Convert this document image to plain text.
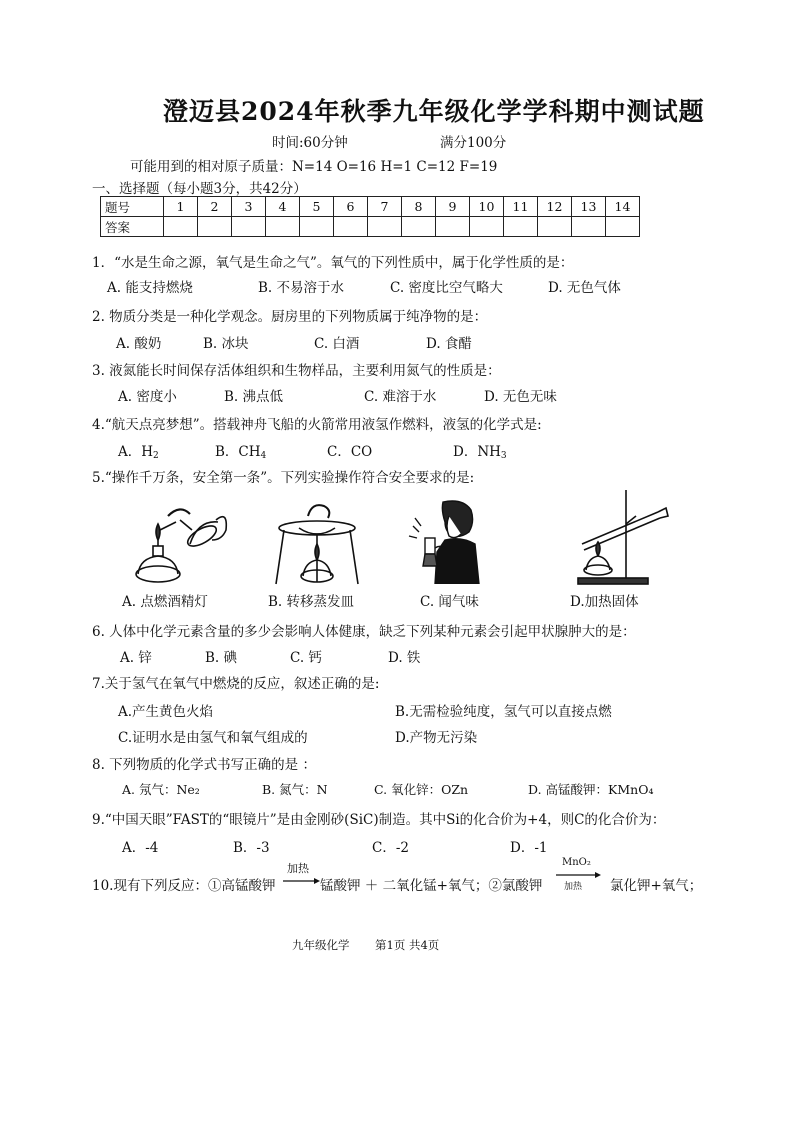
澄迈县2024年秋季九年级化学学科期中测试题
时间:60分钟	满分100分
可能用到的相对原子质量：N=14 O=16 H=1 C=12 F=19
一、选择题（每小题3分，共42分）
题号	1	2	3	4	5	6	7	8	9	10	11	12	13	14
答案														
1．“水是生命之源，氧气是生命之气”。氧气的下列性质中，属于化学性质的是：
A. 能支持燃烧	B. 不易溶于水	C. 密度比空气略大	D. 无色气体
2. 物质分类是一种化学观念。厨房里的下列物质属于纯净物的是：
A. 酸奶	B. 冰块	C. 白酒	D. 食醋
3. 液氮能长时间保存活体组织和生物样品，主要利用氮气的性质是：
A. 密度小	B. 沸点低	C. 难溶于水	D. 无色无味
4.“航天点亮梦想”。搭载神舟飞船的火箭常用液氢作燃料，液氢的化学式是:
A．$H_2$	B．$CH_4$	C．CO	D．$NH_3$
5.“操作千万条，安全第一条”。下列实验操作符合安全要求的是:
A. 点燃酒精灯	B. 转移蒸发皿	C. 闻气味	D.加热固体
6. 人体中化学元素含量的多少会影响人体健康，缺乏下列某种元素会引起甲状腺肿大的是：
A. 锌	B. 碘	C. 钙	D. 铁
7.关于氢气在氧气中燃烧的反应，叙述正确的是:
A.产生黄色火焰	B.无需检验纯度，氢气可以直接点燃
C.证明水是由氢气和氧气组成的	D.产物无污染
8. 下列物质的化学式书写正确的是 ：
A. 氖气：Ne₂	B. 氮气：N	C. 氧化锌：OZn	D. 高锰酸钾：KMnO₄
9.“中国天眼”FAST的“眼镜片”是由金刚砂(SiC)制造。其中Si的化合价为+4，则C的化合价为：
A．-4	B．-3	C．-2	D．-1
10.现有下列反应：①高锰酸钾
加热
锰酸钾 ＋ 二氧化锰+氧气；②氯酸钾
MnO₂
加热 氯化钾+氧气；
九年级化学 第1页 共4页
